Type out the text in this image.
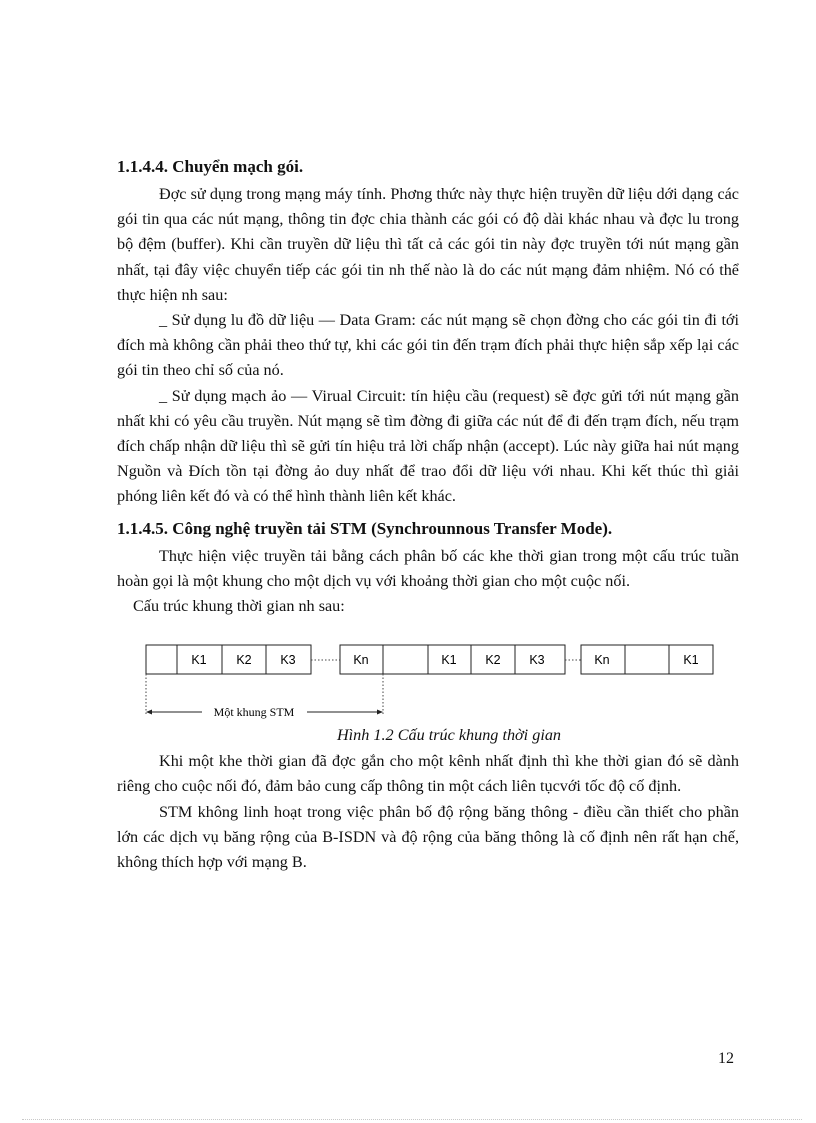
1.1.4.4. Chuyển mạch gói.

Đợc sử dụng trong mạng máy tính. Phơng thức này thực hiện truyền dữ liệu dới dạng các gói tin qua các nút mạng, thông tin đợc chia thành các gói có độ dài khác nhau và đợc lu trong bộ đệm (buffer). Khi cần truyền dữ liệu thì tất cả các gói tin này đợc truyền tới nút mạng gần nhất, tại đây việc chuyển tiếp các gói tin nh thế nào là do các nút mạng đảm nhiệm. Nó có thể thực hiện nh sau:

_ Sử dụng lu đồ dữ liệu — Data Gram: các nút mạng sẽ chọn đờng cho các gói tin đi tới đích mà không cần phải theo thứ tự, khi các gói tin đến trạm đích phải thực hiện sắp xếp lại các gói tin theo chỉ số của nó.

_ Sử dụng mạch ảo — Virual Circuit: tín hiệu cầu (request) sẽ đợc gửi tới nút mạng gần nhất khi có yêu cầu truyền. Nút mạng sẽ tìm đờng đi giữa các nút để đi đến trạm đích, nếu trạm đích chấp nhận dữ liệu thì sẽ gửi tín hiệu trả lời chấp nhận (accept). Lúc này giữa hai nút mạng Nguồn và Đích tồn tại đờng ảo duy nhất để trao đổi dữ liệu với nhau. Khi kết thúc thì giải phóng liên kết đó và có thể hình thành liên kết khác.

1.1.4.5. Công nghệ truyền tải STM (Synchrounnous Transfer Mode).

Thực hiện việc truyền tải bằng cách phân bố các khe thời gian trong một cấu trúc tuần hoàn gọi là một khung cho một dịch vụ với khoảng thời gian cho một cuộc nối.

Cấu trúc khung thời gian nh sau:

K1 K2 K3	Kn	K1 K2 K3	Kn	K1
Một khung STM

Hình 1.2 Cấu trúc khung thời gian

Khi một khe thời gian đã đợc gắn cho một kênh nhất định thì khe thời gian đó sẽ dành riêng cho cuộc nối đó, đảm bảo cung cấp thông tin một cách liên tụcvới tốc độ cố định.

STM không linh hoạt trong việc phân bố độ rộng băng thông - điều cần thiết cho phần lớn các dịch vụ băng rộng của B-ISDN và độ rộng của băng thông là cố định nên rất hạn chế, không thích hợp với mạng B.

12
